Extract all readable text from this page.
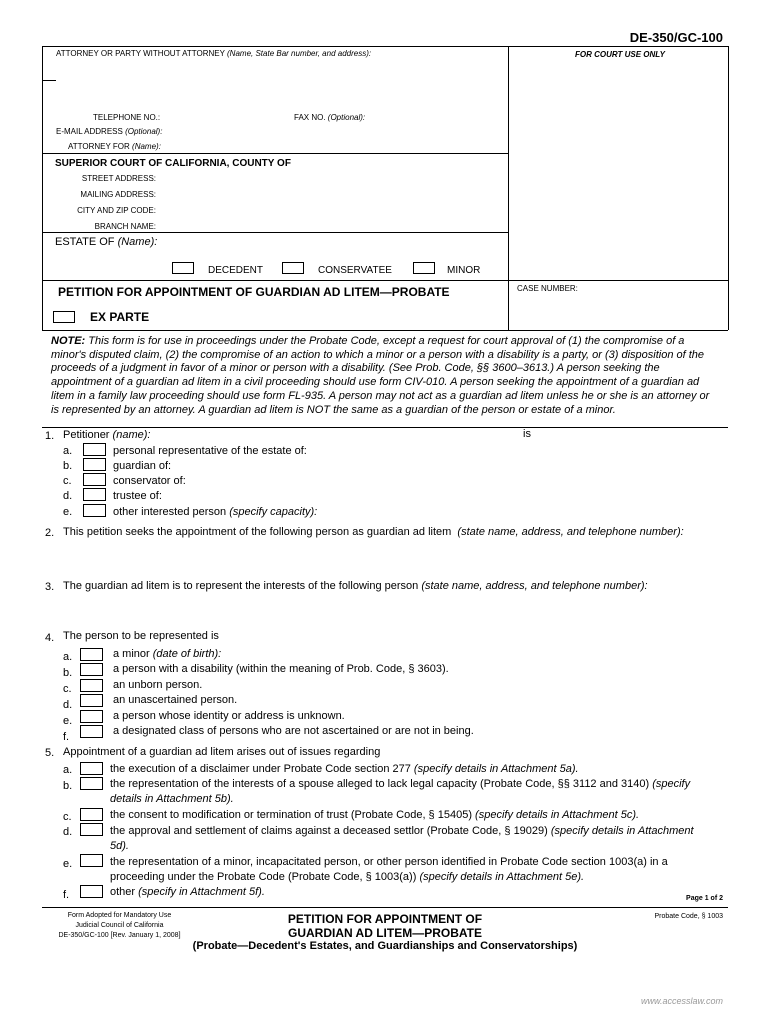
DE-350/GC-100
ATTORNEY OR PARTY WITHOUT ATTORNEY (Name, State Bar number, and address):	FOR COURT USE ONLY
TELEPHONE NO.:	FAX NO. (Optional):
E-MAIL ADDRESS (Optional):
ATTORNEY FOR (Name):
SUPERIOR COURT OF CALIFORNIA, COUNTY OF
STREET ADDRESS:
MAILING ADDRESS:
CITY AND ZIP CODE:
BRANCH NAME:
ESTATE OF (Name):
DECEDENT	CONSERVATEE	MINOR
PETITION FOR APPOINTMENT OF GUARDIAN AD LITEM—PROBATE	CASE NUMBER:
EX PARTE
NOTE: This form is for use in proceedings under the Probate Code, except a request for court approval of (1) the compromise of a minor's disputed claim, (2) the compromise of an action to which a minor or a person with a disability is a party, or (3) disposition of the proceeds of a judgment in favor of a minor or person with a disability. (See Prob. Code, §§ 3600–3613.) A person seeking the appointment of a guardian ad litem in a civil proceeding should use form CIV-010. A person seeking the appointment of a guardian ad litem in a family law proceeding should use form FL-935. A person may not act as a guardian ad litem unless he or she is an attorney or is represented by an attorney. A guardian ad litem is NOT the same as a guardian of the person or estate of a minor.
1. Petitioner (name):	is
a.	personal representative of the estate of:
b.	guardian of:
c.	conservator of:
d.	trustee of:
e.	other interested person (specify capacity):
2. This petition seeks the appointment of the following person as guardian ad litem (state name, address, and telephone number):
3. The guardian ad litem is to represent the interests of the following person (state name, address, and telephone number):
4. The person to be represented is
a.	a minor (date of birth):
b.	a person with a disability (within the meaning of Prob. Code, § 3603).
c.	an unborn person.
d.	an unascertained person.
e.	a person whose identity or address is unknown.
f.	a designated class of persons who are not ascertained or are not in being.
5. Appointment of a guardian ad litem arises out of issues regarding
a.	the execution of a disclaimer under Probate Code section 277 (specify details in Attachment 5a).
b.	the representation of the interests of a spouse alleged to lack legal capacity (Probate Code, §§ 3112 and 3140) (specify details in Attachment 5b).
c.	the consent to modification or termination of trust (Probate Code, § 15405) (specify details in Attachment 5c).
d.	the approval and settlement of claims against a deceased settlor (Probate Code, § 19029) (specify details in Attachment 5d).
e.	the representation of a minor, incapacitated person, or other person identified in Probate Code section 1003(a) in a proceeding under the Probate Code (Probate Code, § 1003(a)) (specify details in Attachment 5e).
f.	other (specify in Attachment 5f).
Page 1 of 2
Form Adopted for Mandatory Use
Judicial Council of California
DE-350/GC-100 [Rev. January 1, 2008]
PETITION FOR APPOINTMENT OF
GUARDIAN AD LITEM—PROBATE
(Probate—Decedent's Estates, and Guardianships and Conservatorships)
Probate Code, § 1003
www.accesslaw.com
